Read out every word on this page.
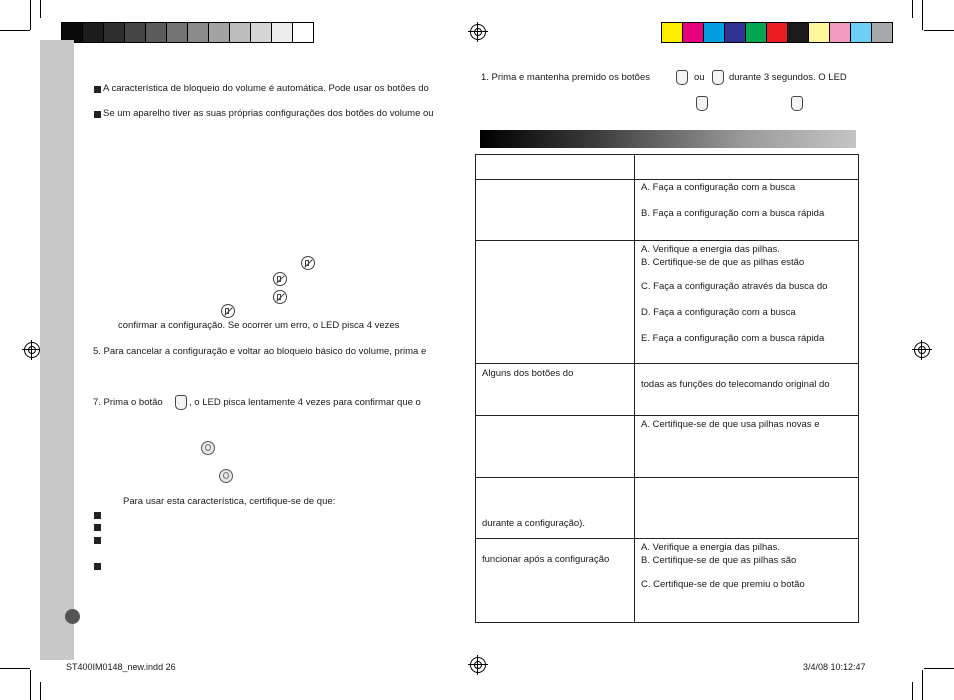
A característica de bloqueio do volume é automática. Pode usar os botões do
Se um aparelho tiver as suas próprias configurações dos botões do volume ou
confirmar a configuração. Se ocorrer um erro, o LED pisca 4 vezes
5. Para cancelar a configuração e voltar ao bloqueio básico do volume, prima e
7. Prima o botão	, o LED pisca lentamente 4 vezes para confirmar que o
Para usar esta característica, certifique-se de que:
1. Prima e mantenha premido os botões	ou	durante 3 segundos. O LED

	A. Faça a configuração com a busca
B. Faça a configuração com a busca rápida

	A. Verifique a energia das pilhas.
B. Certifique-se de que as pilhas estão
C. Faça a configuração através da busca do
D. Faça a configuração com a busca
E. Faça a configuração com a busca rápida

Alguns dos botões do	todas as funções do telecomando original do

	A. Certifique-se de que usa pilhas novas e

durante a configuração).	

funcionar após a configuração	A. Verifique a energia das pilhas.
B. Certifique-se de que as pilhas são
C. Certifique-se de que premiu o botão
ST400IM0148_new.indd 26	3/4/08 10:12:47
